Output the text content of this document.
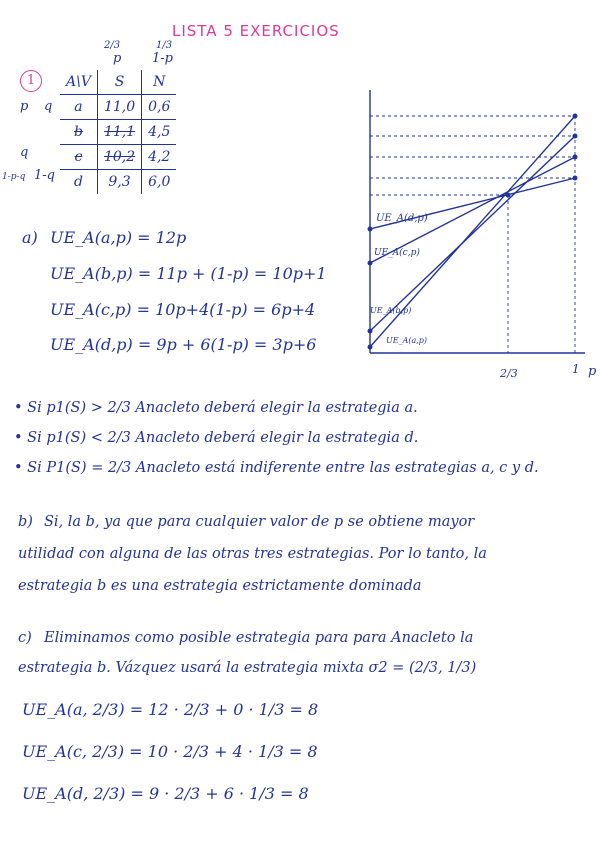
LISTA 5 EXERCICIOS
2/3	1/3
p 1-p
1
p q
q
1-p-q 1-q
A\V	S	N
a	11,0	0,6
b	11,1	4,5
c	10,2	4,2
d	9,3	6,0
a) UE_A(a,p) = 12p
UE_A(b,p) = 11p + (1-p) = 10p+1
UE_A(c,p) = 10p+4(1-p) = 6p+4
UE_A(d,p) = 9p + 6(1-p) = 3p+6
UE_A(d,p)
UE_A(c,p)
UE_A(b,p)
UE_A(a,p)
2/3	1 p
• Si p1(S) > 2/3 Anacleto deberá elegir la estrategia a.
• Si p1(S) < 2/3 Anacleto deberá elegir la estrategia d.
• Si P1(S) = 2/3 Anacleto está indiferente entre las estrategias a, c y d.
b) Si, la b, ya que para cualquier valor de p se obtiene mayor
utilidad con alguna de las otras tres estrategias. Por lo tanto, la
estrategia b es una estrategia estrictamente dominada
c) Eliminamos como posible estrategia para para Anacleto la
estrategia b. Vázquez usará la estrategia mixta σ2 = (2/3, 1/3)
UE_A(a, 2/3) = 12 · 2/3 + 0 · 1/3 = 8
UE_A(c, 2/3) = 10 · 2/3 + 4 · 1/3 = 8
UE_A(d, 2/3) = 9 · 2/3 + 6 · 1/3 = 8
